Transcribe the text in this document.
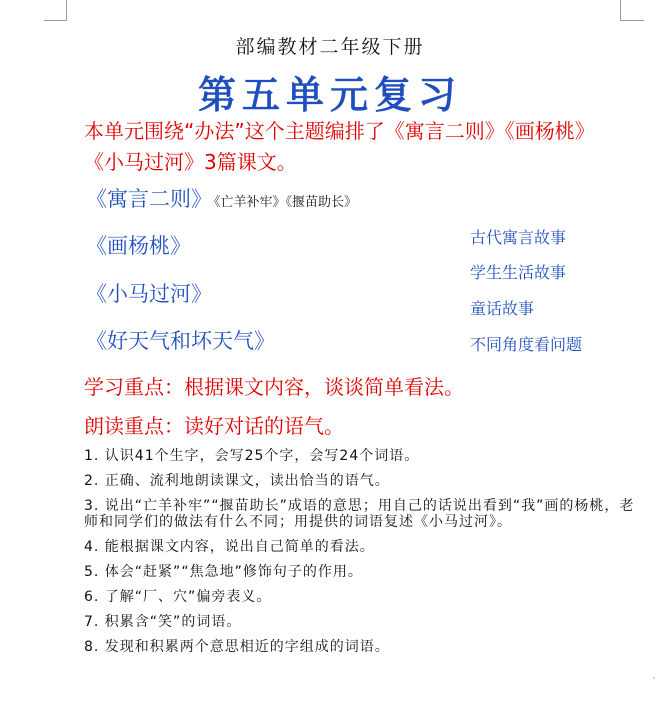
部编教材二年级下册
第五单元复习
本单元围绕“办法”这个主题编排了《寓言二则》《画杨桃》《小马过河》3篇课文。
《寓言二则》 《亡羊补牢》《揠苗助长》
《画杨桃》
《小马过河》
《好天气和坏天气》
古代寓言故事
学生生活故事
童话故事
不同角度看问题
学习重点：根据课文内容，谈谈简单看法。
朗读重点：读好对话的语气。
1. 认识41个生字，会写25个字，会写24个词语。
2. 正确、流利地朗读课文，读出恰当的语气。
3. 说出“亡羊补牢”“揠苗助长”成语的意思；用自己的话说出看到“我”画的杨桃，老师和同学们的做法有什么不同；用提供的词语复述《小马过河》。
4. 能根据课文内容，说出自己简单的看法。
5. 体会“赶紧”“焦急地”修饰句子的作用。
6. 了解“厂、穴”偏旁表义。
7. 积累含“笑”的词语。
8. 发现和积累两个意思相近的字组成的词语。
ˇ
